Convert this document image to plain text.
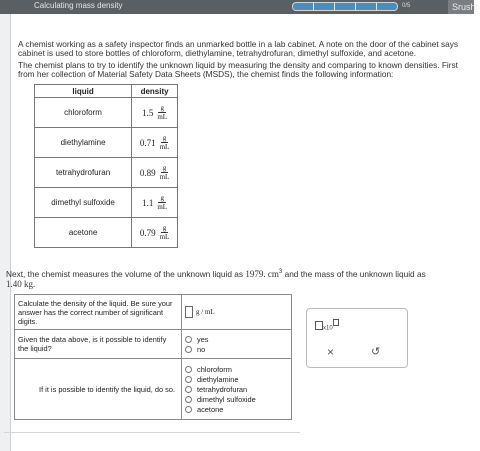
Calculating mass density	0/5	Srushti
A chemist working as a safety inspector finds an unmarked bottle in a lab cabinet. A note on the door of the cabinet says
cabinet is used to store bottles of chloroform, diethylamine, tetrahydrofuran, dimethyl sulfoxide, and acetone.
The chemist plans to try to identify the unknown liquid by measuring the density and comparing to known densities. First
from her collection of Material Safety Data Sheets (MSDS), the chemist finds the following information:
liquid	density
chloroform	1.5 g
mL

diethylamine	0.71 g
mL

tetrahydrofuran	0.89 g
mL

dimethyl sulfoxide	1.1 g
mL

acetone	0.79 g
mL
Next, the chemist measures the volume of the unknown liquid as 1979. $cm^3$ and the mass of the unknown liquid as
1.40 kg.
Calculate the density of the liquid. Be sure your answer has the correct number of significant digits.	g / mL
Given the data above, is it possible to identify the liquid?	yes
no

If it is possible to identify the liquid, do so.	chloroform
diethylamine
tetrahydrofuran
dimethyl sulfoxide
acetone
x10
×	↺
